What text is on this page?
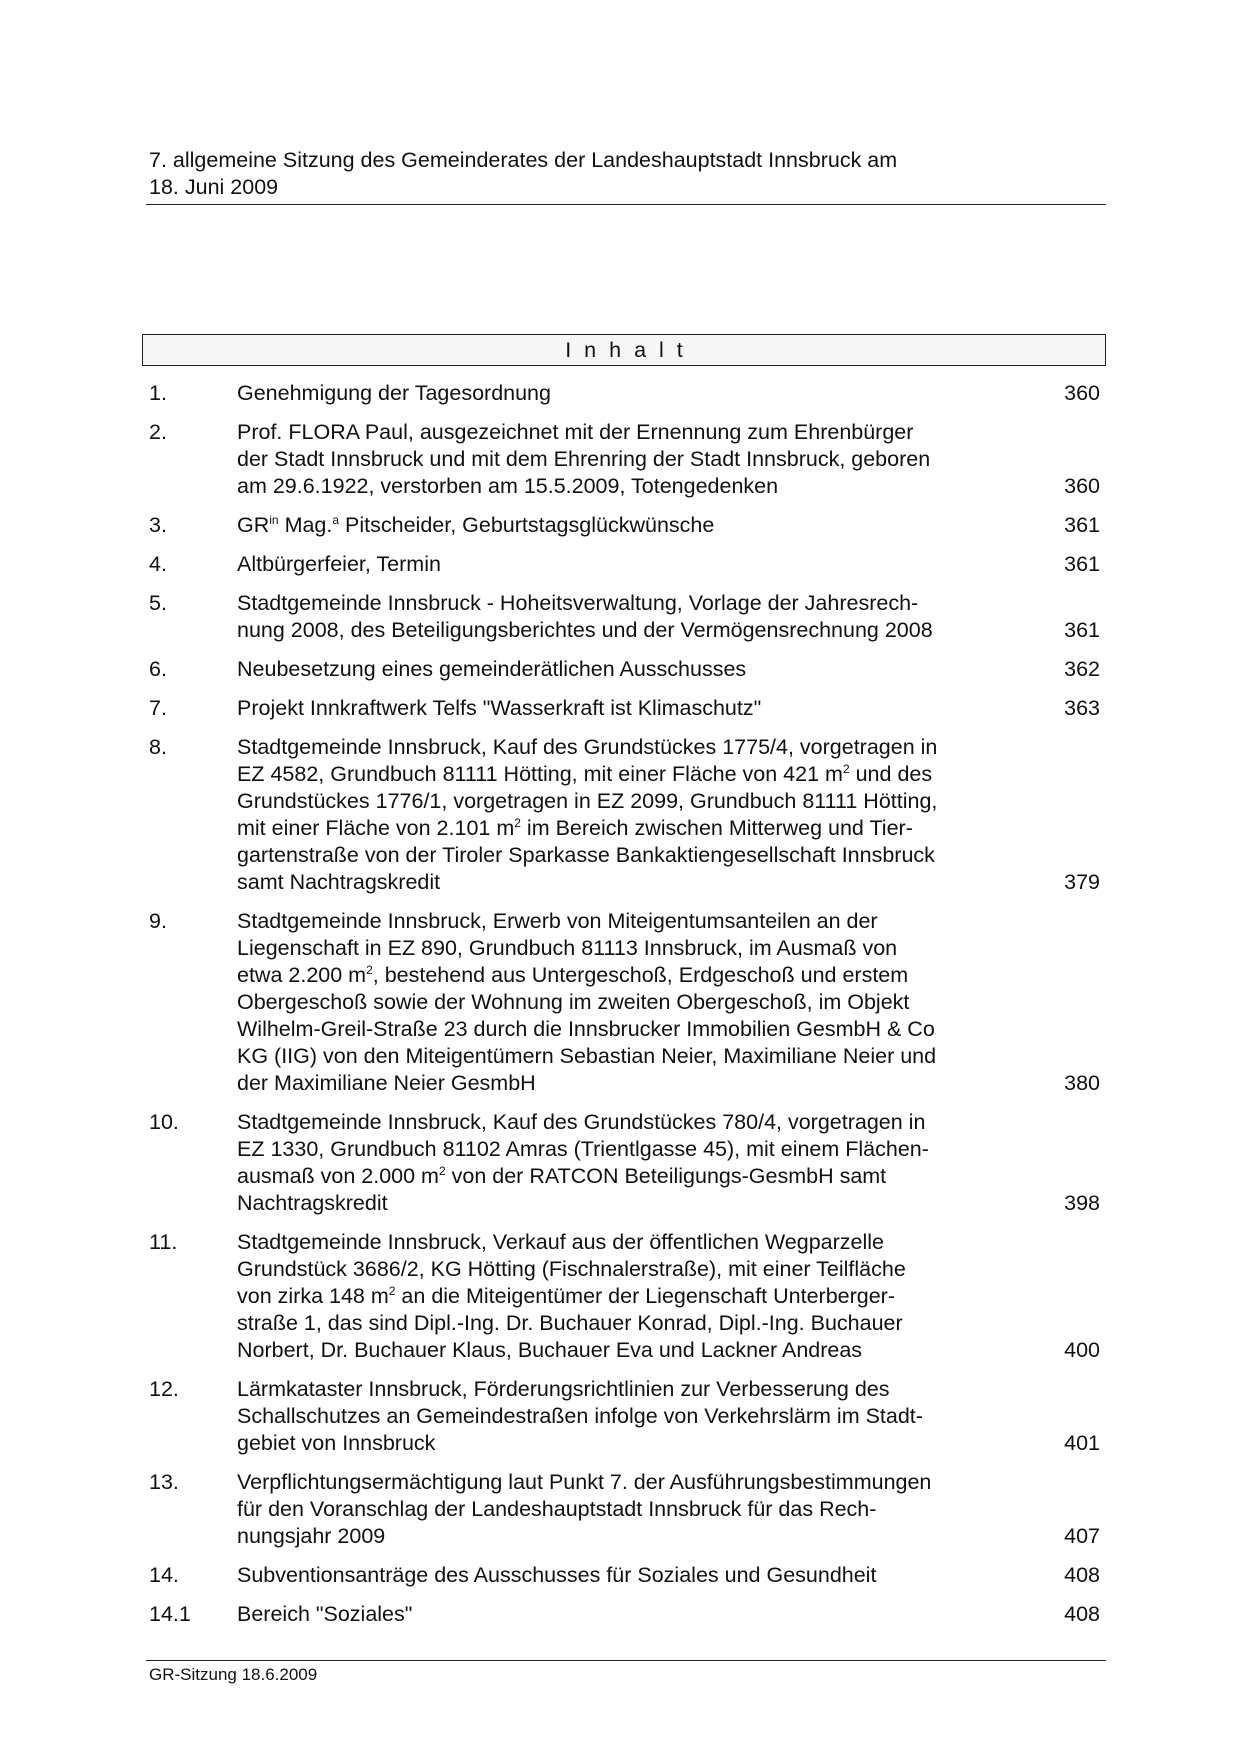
7. allgemeine Sitzung des Gemeinderates der Landeshauptstadt Innsbruck am
18. Juni 2009
Inhalt
1.	Genehmigung der Tagesordnung	360
2.	Prof. FLORA Paul, ausgezeichnet mit der Ernennung zum Ehrenbürger
der Stadt Innsbruck und mit dem Ehrenring der Stadt Innsbruck, geboren
am 29.6.1922, verstorben am 15.5.2009, Totengedenken	360
3.	$GR^{in}$ Mag.$^a$ Pitscheider, Geburtstagsglückwünsche	361
4.	Altbürgerfeier, Termin	361
5.	Stadtgemeinde Innsbruck - Hoheitsverwaltung, Vorlage der Jahresrech-
nung 2008, des Beteiligungsberichtes und der Vermögensrechnung 2008	361
6.	Neubesetzung eines gemeinderätlichen Ausschusses	362
7.	Projekt Innkraftwerk Telfs "Wasserkraft ist Klimaschutz"	363
8.	Stadtgemeinde Innsbruck, Kauf des Grundstückes 1775/4, vorgetragen in
EZ 4582, Grundbuch 81111 Hötting, mit einer Fläche von 421 $m^2$ und des
Grundstückes 1776/1, vorgetragen in EZ 2099, Grundbuch 81111 Hötting,
mit einer Fläche von 2.101 $m^2$ im Bereich zwischen Mitterweg und Tier-
gartenstraße von der Tiroler Sparkasse Bankaktiengesellschaft Innsbruck
samt Nachtragskredit	379
9.	Stadtgemeinde Innsbruck, Erwerb von Miteigentumsanteilen an der
Liegenschaft in EZ 890, Grundbuch 81113 Innsbruck, im Ausmaß von
etwa 2.200 $m^2$, bestehend aus Untergeschoß, Erdgeschoß und erstem
Obergeschoß sowie der Wohnung im zweiten Obergeschoß, im Objekt
Wilhelm-Greil-Straße 23 durch die Innsbrucker Immobilien GesmbH & Co
KG (IIG) von den Miteigentümern Sebastian Neier, Maximiliane Neier und
der Maximiliane Neier GesmbH	380
10.	Stadtgemeinde Innsbruck, Kauf des Grundstückes 780/4, vorgetragen in
EZ 1330, Grundbuch 81102 Amras (Trientlgasse 45), mit einem Flächen-
ausmaß von 2.000 $m^2$ von der RATCON Beteiligungs-GesmbH samt
Nachtragskredit	398
11.	Stadtgemeinde Innsbruck, Verkauf aus der öffentlichen Wegparzelle
Grundstück 3686/2, KG Hötting (Fischnalerstraße), mit einer Teilfläche
von zirka 148 $m^2$ an die Miteigentümer der Liegenschaft Unterberger-
straße 1, das sind Dipl.-Ing. Dr. Buchauer Konrad, Dipl.-Ing. Buchauer
Norbert, Dr. Buchauer Klaus, Buchauer Eva und Lackner Andreas	400
12.	Lärmkataster Innsbruck, Förderungsrichtlinien zur Verbesserung des
Schallschutzes an Gemeindestraßen infolge von Verkehrslärm im Stadt-
gebiet von Innsbruck	401
13.	Verpflichtungsermächtigung laut Punkt 7. der Ausführungsbestimmungen
für den Voranschlag der Landeshauptstadt Innsbruck für das Rech-
nungsjahr 2009	407
14.	Subventionsanträge des Ausschusses für Soziales und Gesundheit	408
14.1	Bereich "Soziales"	408
GR-Sitzung 18.6.2009
